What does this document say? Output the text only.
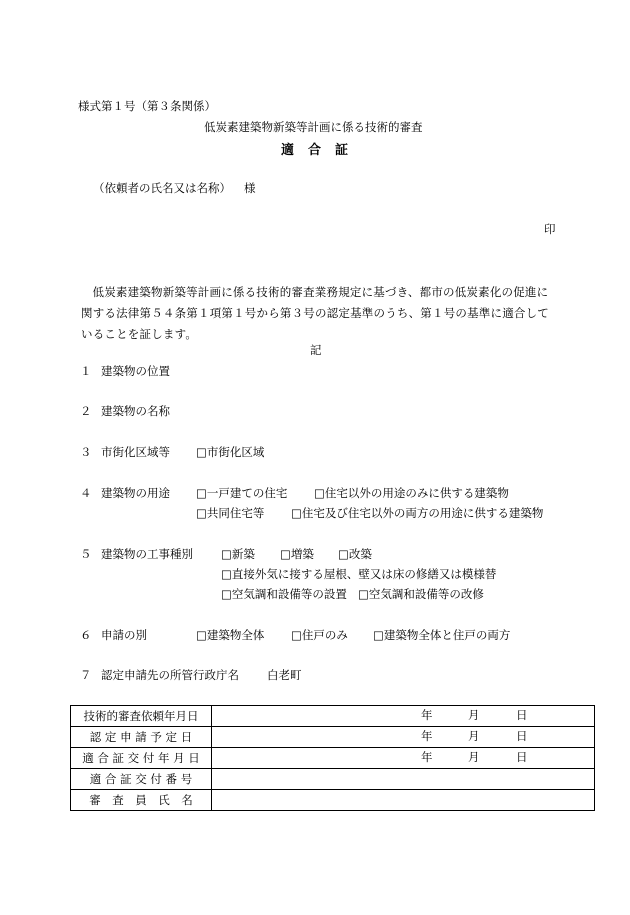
様式第１号（第３条関係）
低炭素建築物新築等計画に係る技術的審査
適　合　証
（依頼者の氏名又は名称） 様
印
低炭素建築物新築等計画に係る技術的審査業務規定に基づき、都市の低炭素化の促進に関する法律第５４条第１項第１号から第３号の認定基準のうち、第１号の基準に適合していることを証します。
記
１ 建築物の位置
２ 建築物の名称
３ 市街化区域等 □市街化区域
４ 建築物の用途 □一戸建ての住宅 □住宅以外の用途のみに供する建築物
□共同住宅等 □住宅及び住宅以外の両方の用途に供する建築物
５ 建築物の工事種別 □新築 □増築 □改築
□直接外気に接する屋根、壁又は床の修繕又は模様替
□空気調和設備等の設置 □空気調和設備等の改修
６ 申請の別	□建築物全体 □住戸のみ □建築物全体と住戸の両方
７ 認定申請先の所管行政庁名 白老町
技術的審査依頼年月日	年 月 日

認 定 申 請 予 定 日	年 月 日

適 合 証 交 付 年 月 日	年 月 日

適 合 証 交 付 番 号	
審　査　員　氏　名	
